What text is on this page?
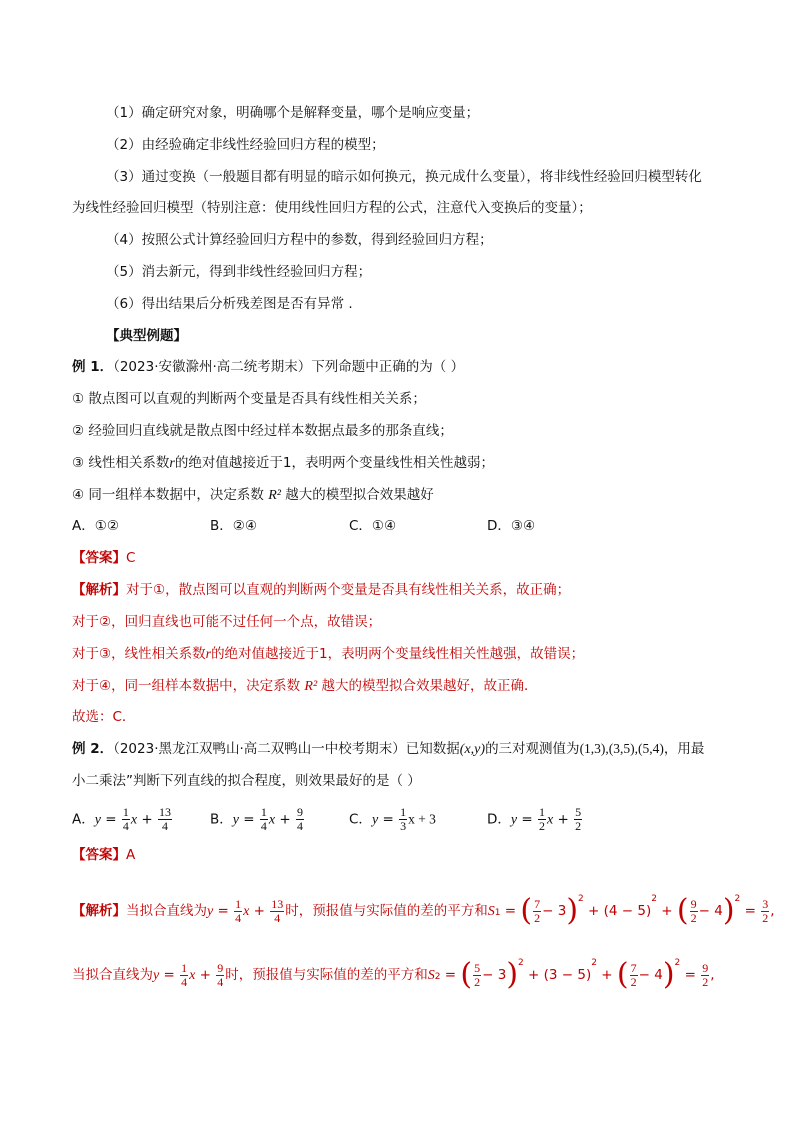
（1）确定研究对象，明确哪个是解释变量，哪个是响应变量；
（2）由经验确定非线性经验回归方程的模型；
（3）通过变换（一般题目都有明显的暗示如何换元，换元成什么变量），将非线性经验回归模型转化
为线性经验回归模型（特别注意：使用线性回归方程的公式，注意代入变换后的变量）；
（4）按照公式计算经验回归方程中的参数，得到经验回归方程；
（5）消去新元，得到非线性经验回归方程；
（6）得出结果后分析残差图是否有异常 .
【典型例题】
例 1．（2023·安徽滁州·高二统考期末）下列命题中正确的为（ ）
① 散点图可以直观的判断两个变量是否具有线性相关关系；
② 经验回归直线就是散点图中经过样本数据点最多的那条直线；
③ 线性相关系数r的绝对值越接近于1，表明两个变量线性相关性越弱；
④ 同一组样本数据中，决定系数 R² 越大的模型拟合效果越好
A．①②	B．②④	C．①④	D．③④
【答案】C
【解析】对于①，散点图可以直观的判断两个变量是否具有线性相关关系，故正确；
对于②，回归直线也可能不过任何一个点，故错误；
对于③，线性相关系数r的绝对值越接近于1，表明两个变量线性相关性越强，故错误；
对于④，同一组样本数据中，决定系数 R² 越大的模型拟合效果越好，故正确．
故选：C．
例 2．（2023·黑龙江双鸭山·高二双鸭山一中校考期末）已知数据(x,y)的三对观测值为(1,3),(3,5),(5,4)，用最
小二乘法”判断下列直线的拟合程度，则效果最好的是（ ）
A．$y = \frac{1}{4}$ $x + \frac{13}{4}$	B．$y = \frac{1}{4}$ $x + \frac{9}{4}$	C．$y = \frac{1}{3}$ x + 3	D．$y = \frac{1}{2}$ $x + \frac{5}{2}$
【答案】A
【解析】当拟合直线为$y = \frac{1}{4}$ $x + \frac{13}{4}$ 时，预报值与实际值的差的平方和S1 = ( $\frac{7}{2} - 3)^2 + (4 - 5)^2$ + ( $\frac{9}{2} - 4)^2 = \frac{3}{2}$ ,
当拟合直线为$y = \frac{1}{4}$ $x + \frac{9}{4}$ 时，预报值与实际值的差的平方和S2 = ( $\frac{5}{2} - 3)^2 + (3 - 5)^2$ + ( $\frac{7}{2} - 4)^2 = \frac{9}{2}$ ,
